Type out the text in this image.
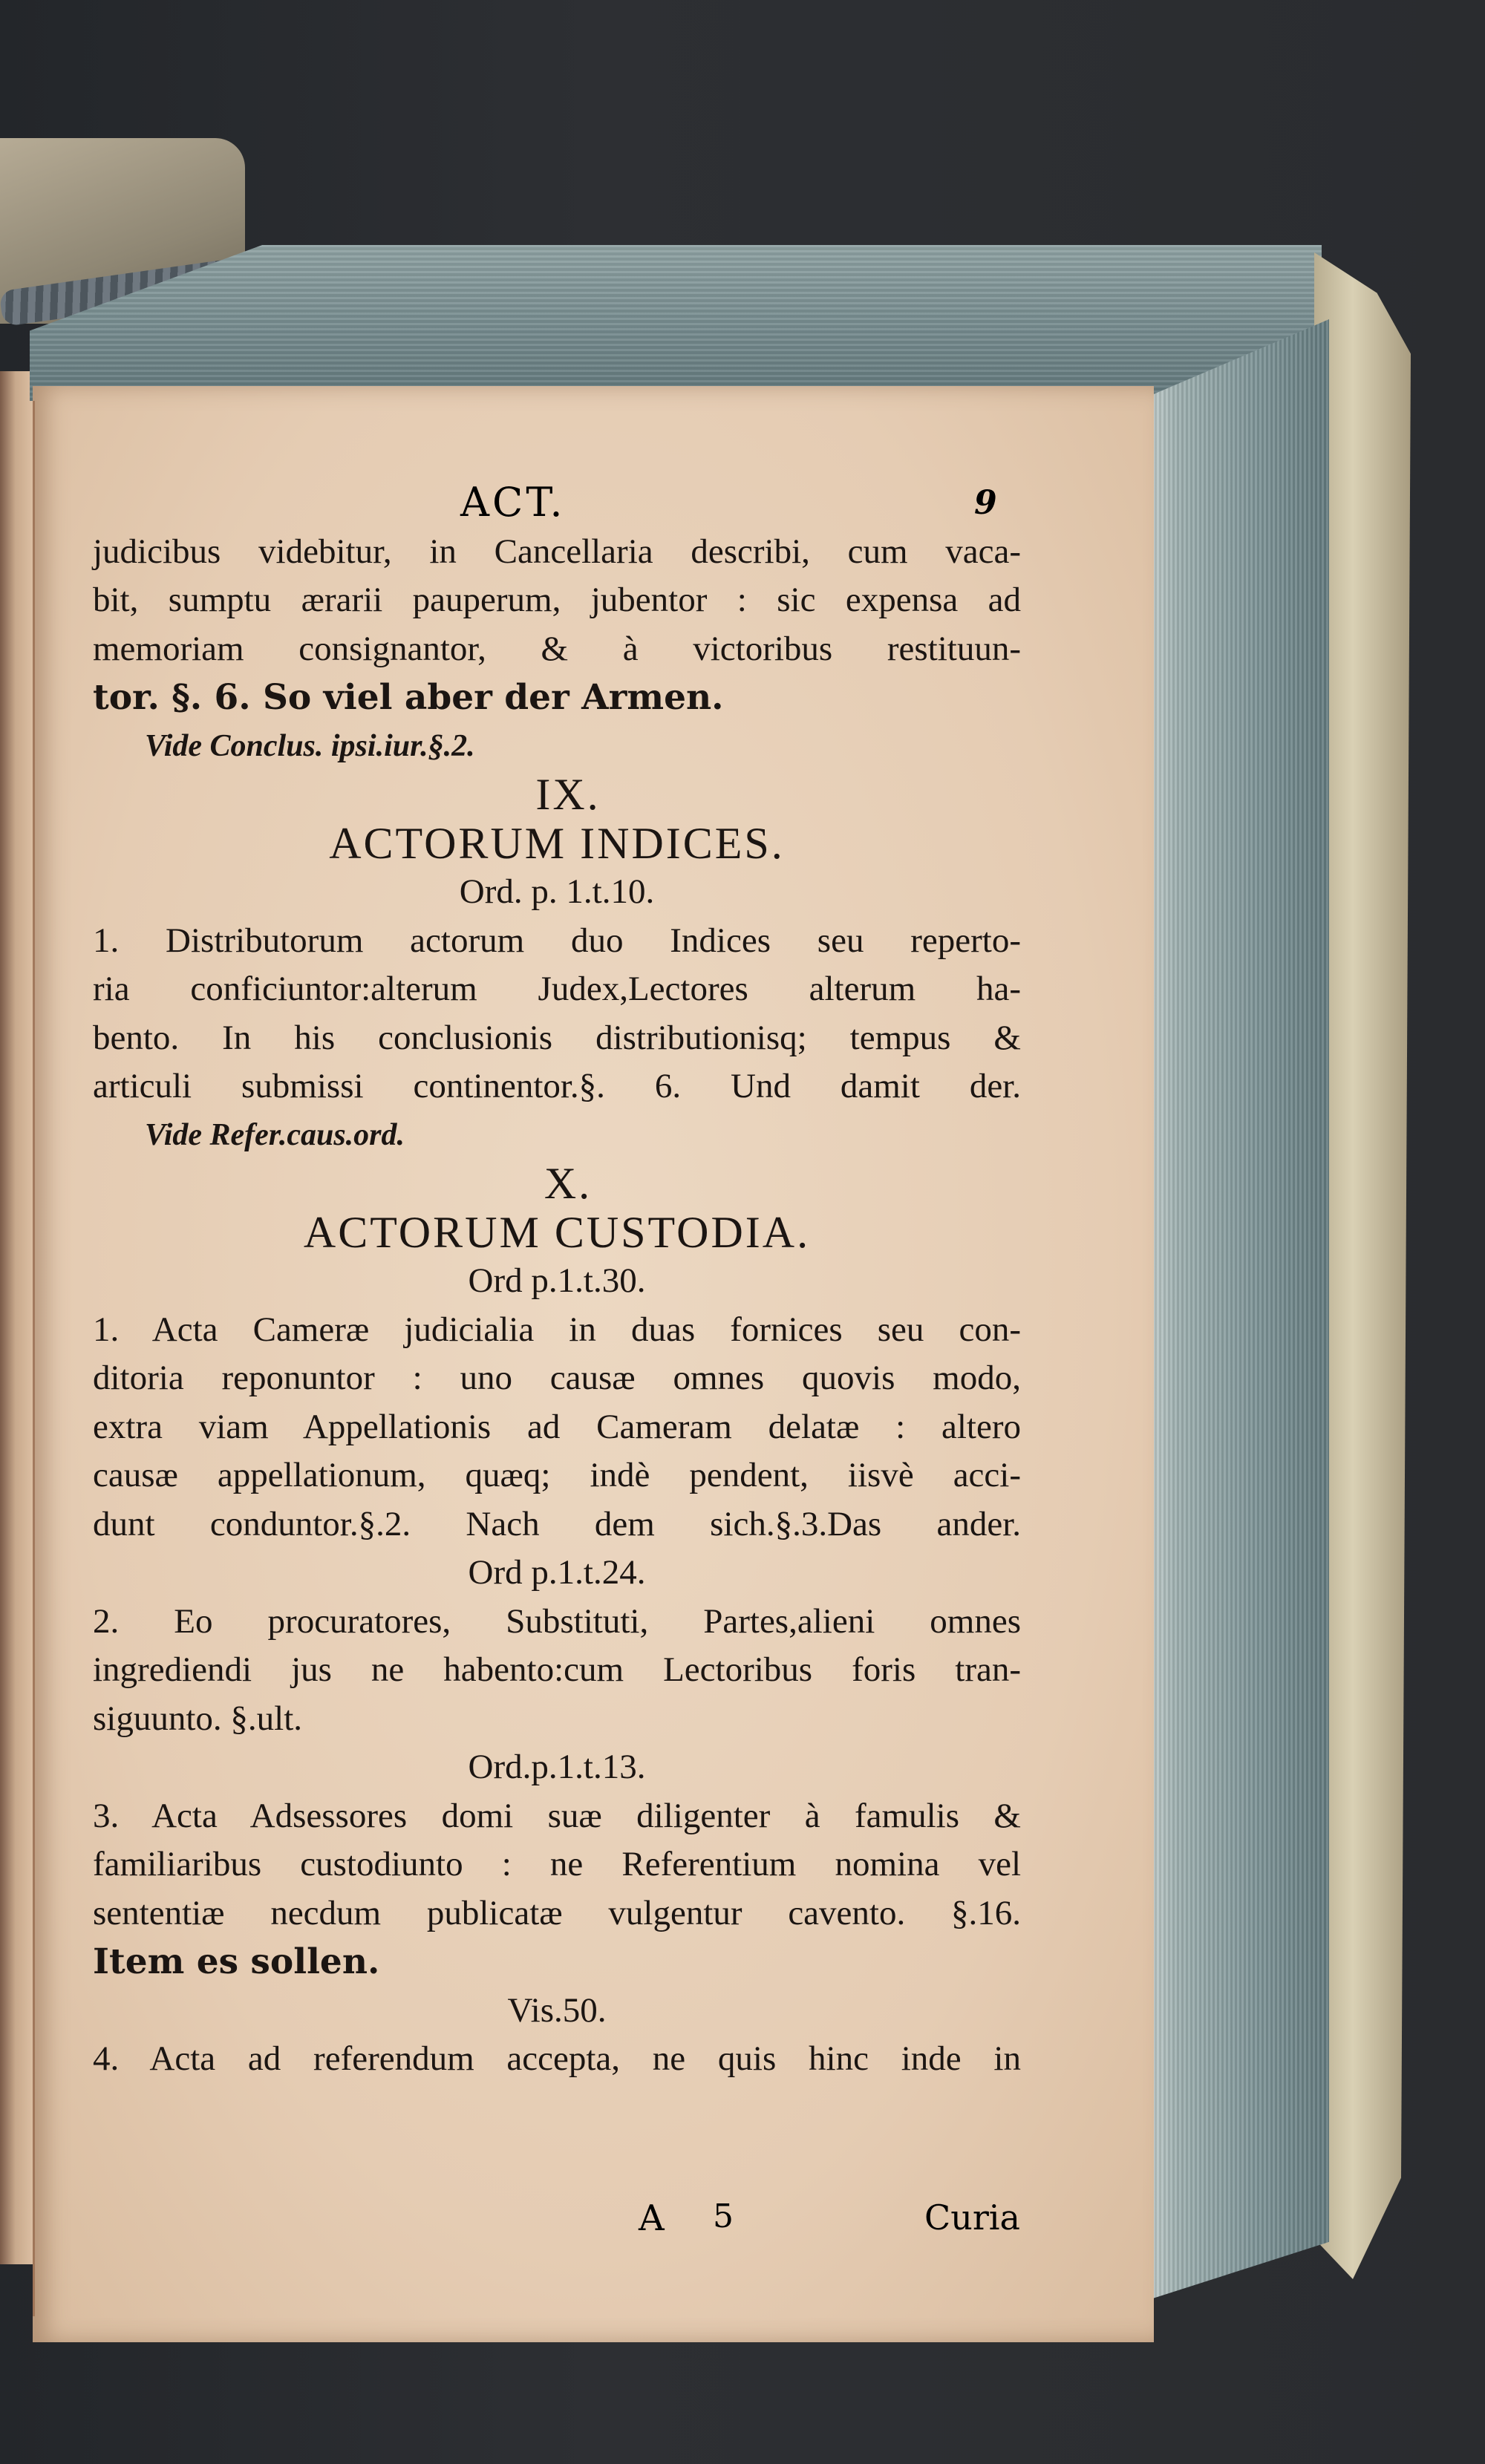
ACT.	9
judicibus videbitur, in Cancellaria describi, cum vaca-
bit, sumptu ærarii pauperum, jubentor : sic expensa ad
memoriam consignantor, & à victoribus restituun-
tor. §. 6. So viel aber der Armen.
Vide Conclus. ipsi.iur.§.2.
IX.
ACTORUM INDICES.
Ord. p. 1.t.10.
1. Distributorum actorum duo Indices seu reperto-
ria conficiuntor:alterum Judex,Lectores alterum ha-
bento. In his conclusionis distributionisq; tempus &
articuli submissi continentor.§. 6. Und damit der.
Vide Refer.caus.ord.
X.
ACTORUM CUSTODIA.
Ord p.1.t.30.
1. Acta Cameræ judicialia in duas fornices seu con-
ditoria reponuntor : uno causæ omnes quovis modo,
extra viam Appellationis ad Cameram delatæ : altero
causæ appellationum, quæq; indè pendent, iisvè acci-
dunt conduntor.§.2. Nach dem sich.§.3.Das ander.
Ord p.1.t.24.
2. Eo procuratores, Substituti, Partes,alieni omnes
ingrediendi jus ne habento:cum Lectoribus foris tran-
siguunto. §.ult.
Ord.p.1.t.13.
3. Acta Adsessores domi suæ diligenter à famulis &
familiaribus custodiunto : ne Referentium nomina vel
sententiæ necdum publicatæ vulgentur cavento. §.16.
Item es sollen.
Vis.50.
4. Acta ad referendum accepta, ne quis hinc inde in
A 5	Curia
